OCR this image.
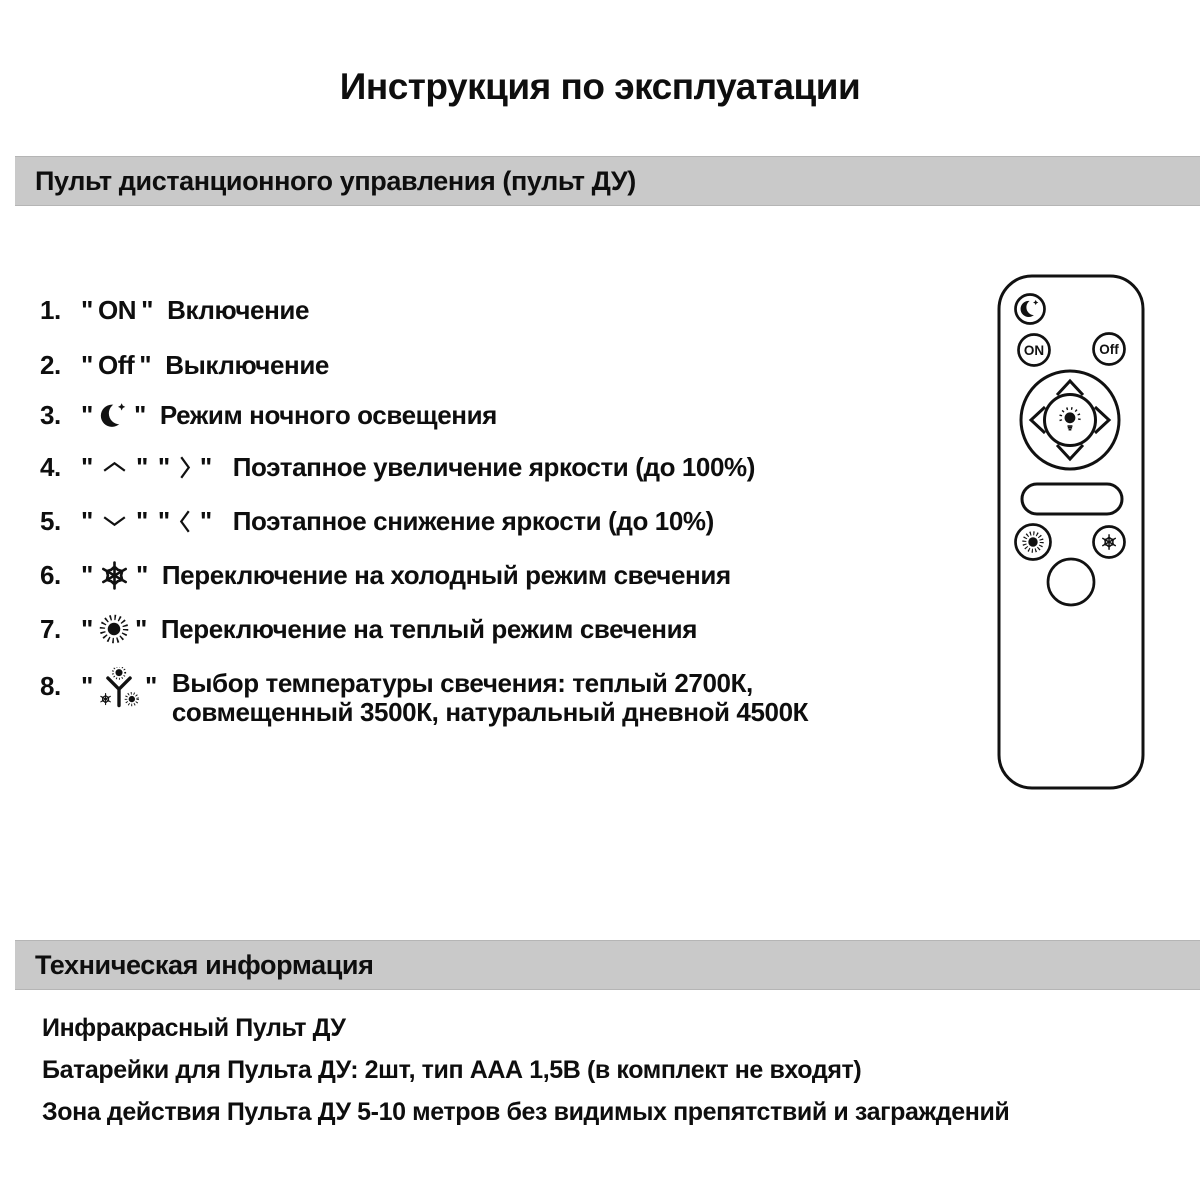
Инструкция по эксплуатации
Пульт дистанционного управления (пульт ДУ)
1. " ON " Включение
2. " Off " Выключение
3. " " Режим ночного освещения
4. " " " " Поэтапное увеличение яркости (до 100%)
5. " " " " Поэтапное снижение яркости (до 10%)
6. " " Переключение на холодный режим свечения
7. " " Переключение на теплый режим свечения
8. " " Выбор температуры свечения: теплый 2700К,
совмещенный 3500К, натуральный дневной 4500К
ON	Off
Техническая информация

Инфракрасный Пульт ДУ

Батарейки для Пульта ДУ: 2шт, тип ААА 1,5В (в комплект не входят)

Зона действия Пульта ДУ 5-10 метров без видимых препятствий и заграждений
